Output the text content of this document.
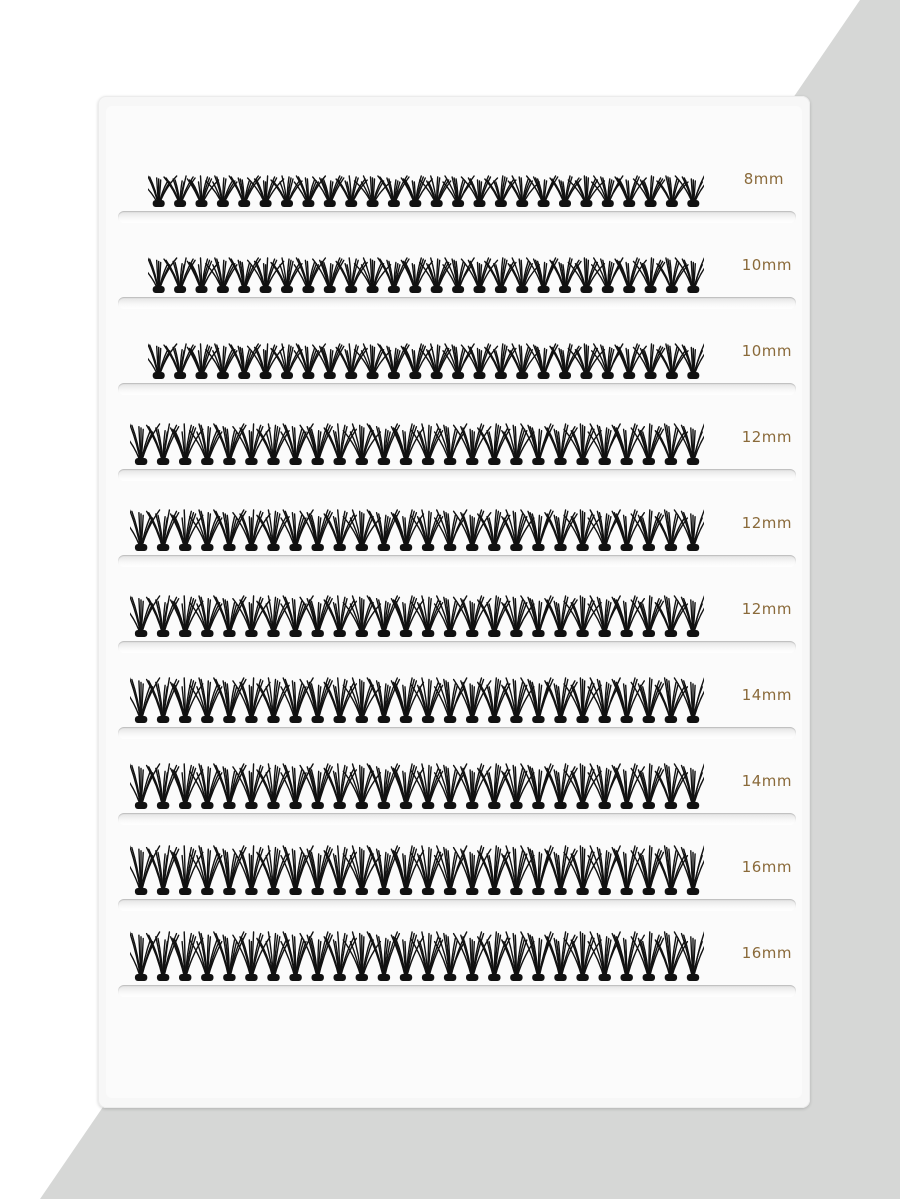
8mm
10mm
10mm
12mm
12mm
12mm
14mm
14mm
16mm
16mm
